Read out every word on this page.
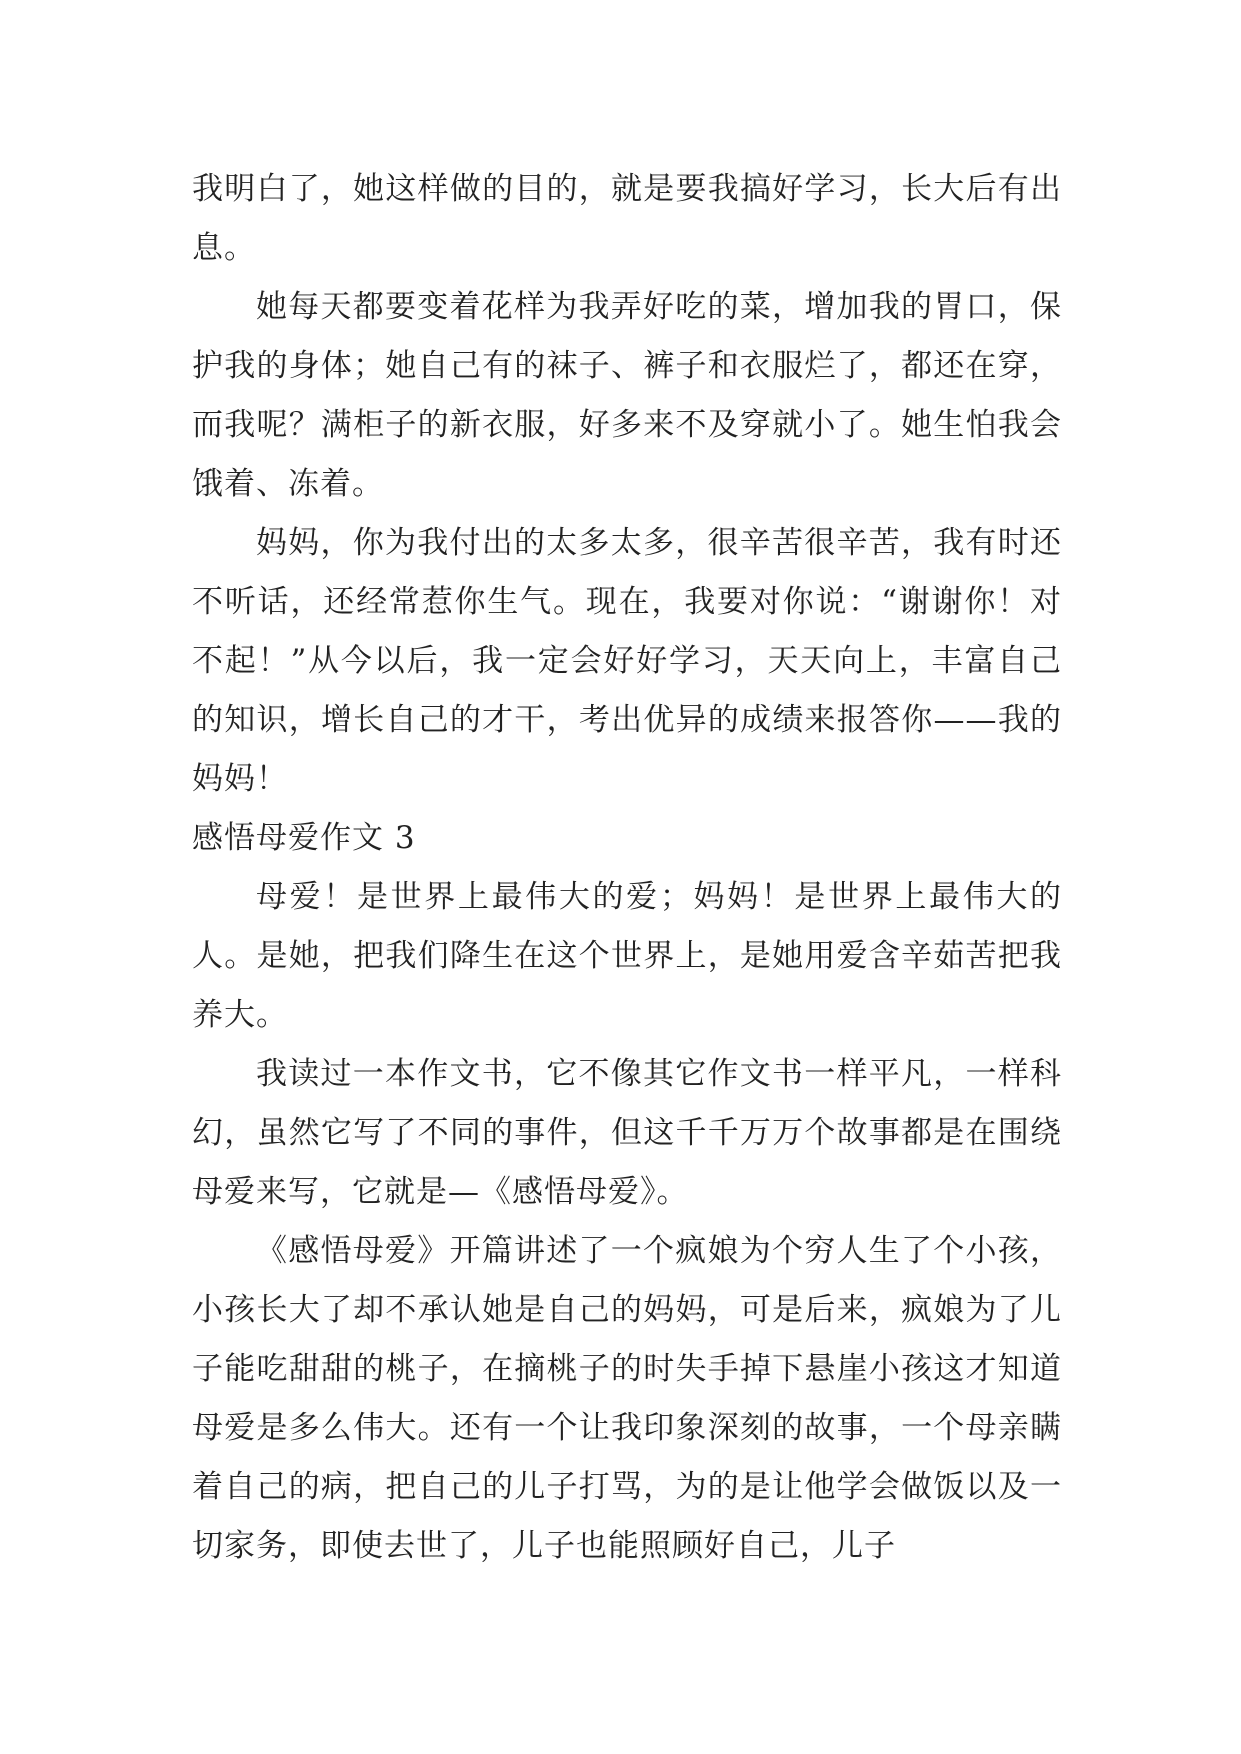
我明白了，她这样做的目的，就是要我搞好学习，长大后有出息。

她每天都要变着花样为我弄好吃的菜，增加我的胃口，保护我的身体；她自己有的袜子、裤子和衣服烂了，都还在穿，而我呢？满柜子的新衣服，好多来不及穿就小了。她生怕我会饿着、冻着。

妈妈，你为我付出的太多太多，很辛苦很辛苦，我有时还不听话，还经常惹你生气。现在，我要对你说：“谢谢你！对不起！”从今以后，我一定会好好学习，天天向上，丰富自己的知识，增长自己的才干，考出优异的成绩来报答你——我的妈妈！

感悟母爱作文 3

母爱！是世界上最伟大的爱；妈妈！是世界上最伟大的人。是她，把我们降生在这个世界上，是她用爱含辛茹苦把我养大。

我读过一本作文书，它不像其它作文书一样平凡，一样科幻，虽然它写了不同的事件，但这千千万万个故事都是在围绕母爱来写，它就是—《感悟母爱》。

《感悟母爱》开篇讲述了一个疯娘为个穷人生了个小孩，小孩长大了却不承认她是自己的妈妈，可是后来，疯娘为了儿子能吃甜甜的桃子，在摘桃子的时失手掉下悬崖小孩这才知道母爱是多么伟大。还有一个让我印象深刻的故事，一个母亲瞒着自己的病，把自己的儿子打骂，为的是让他学会做饭以及一切家务，即使去世了，儿子也能照顾好自己，儿子
